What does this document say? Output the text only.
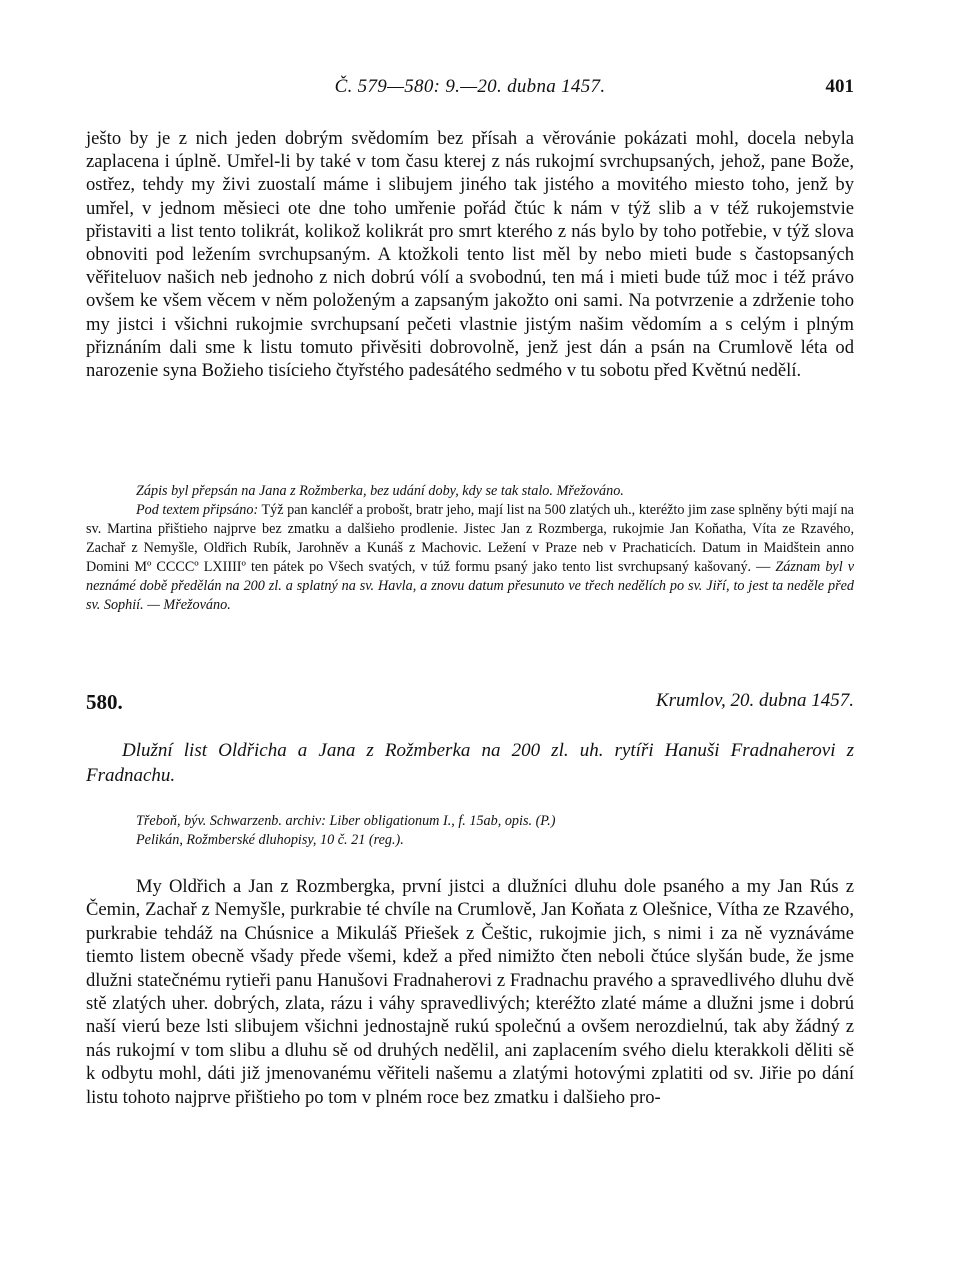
Č. 579—580: 9.—20. dubna 1457.	401
ješto by je z nich jeden dobrým svědomím bez přísah a věrovánie pokázati mohl, docela nebyla zaplacena i úplně. Umřel-li by také v tom času kterej z nás rukojmí svrchupsaných, jehož, pane Bože, ostřez, tehdy my živi zuostalí máme i slibujem jiného tak jistého a movitého miesto toho, jenž by umřel, v jednom měsieci ote dne toho umřenie pořád čtúc k nám v týž slib a v též rukojemstvie přistaviti a list tento tolikrát, kolikož kolikrát pro smrt kterého z nás bylo by toho potřebie, v týž slova obnoviti pod ležením svrchupsaným. A ktožkoli tento list měl by nebo mieti bude s častopsaných věřiteluov našich neb jednoho z nich dobrú vólí a svobodnú, ten má i mieti bude túž moc i též právo ovšem ke všem věcem v něm položeným a zapsaným jakožto oni sami. Na potvrzenie a zdrženie toho my jistci i všichni rukojmie svrchupsaní pečeti vlastnie jistým našim vědomím a s celým i plným přiznáním dali sme k listu tomuto přivěsiti dobrovolně, jenž jest dán a psán na Crumlově léta od narozenie syna Božieho tisícieho čtyřstého padesátého sedmého v tu sobotu před Květnú nedělí.

Zápis byl přepsán na Jana z Rožmberka, bez udání doby, kdy se tak stalo. Mřežováno.

Pod textem připsáno: Týž pan kancléř a probošt, bratr jeho, mají list na 500 zlatých uh., kteréžto jim zase splněny býti mají na sv. Martina přištieho najprve bez zmatku a dalšieho prodlenie. Jistec Jan z Rozmberga, rukojmie Jan Koňatha, Víta ze Rzavého, Zachař z Nemyšle, Oldřich Rubík, Jarohněv a Kunáš z Machovic. Ležení v Praze neb v Prachaticích. Datum in Maidštein anno Domini Mº CCCCº LXIIIIº ten pátek po Všech svatých, v túž formu psaný jako tento list svrchupsaný kašovaný. — Záznam byl v neznámé době předělán na 200 zl. a splatný na sv. Havla, a znovu datum přesunuto ve třech nedělích po sv. Jiří, to jest ta neděle před sv. Sophií. — Mřežováno.

580.	Krumlov, 20. dubna 1457.
Dlužní list Oldřicha a Jana z Rožmberka na 200 zl. uh. rytíři Hanuši Fradnaherovi z Fradnachu.

Třeboň, býv. Schwarzenb. archiv: Liber obligationum I., f. 15ab, opis. (P.)

Pelikán, Rožmberské dluhopisy, 10 č. 21 (reg.).

My Oldřich a Jan z Rozmbergka, první jistci a dlužníci dluhu dole psaného a my Jan Rús z Čemin, Zachař z Nemyšle, purkrabie té chvíle na Crumlově, Jan Koňata z Olešnice, Vítha ze Rzavého, purkrabie tehdáž na Chúsnice a Mikuláš Přiešek z Češtic, rukojmie jich, s nimi i za ně vyznáváme tiemto listem obecně všady přede všemi, kdež a před nimižto čten neboli čtúce slyšán bude, že jsme dlužni statečnému rytieři panu Hanušovi Fradnaherovi z Fradnachu pravého a spravedlivého dluhu dvě stě zlatých uher. dobrých, zlata, rázu i váhy spravedlivých; kteréžto zlaté máme a dlužni jsme i dobrú naší vierú beze lsti slibujem všichni jednostajně rukú společnú a ovšem nerozdielnú, tak aby žádný z nás rukojmí v tom slibu a dluhu sě od druhých nedělil, ani zaplacením svého dielu kterakkoli děliti sě k odbytu mohl, dáti již jmenovanému věřiteli našemu a zlatými hotovými zplatiti od sv. Jiřie po dání listu tohoto najprve přištieho po tom v plném roce bez zmatku i dalšieho pro-
